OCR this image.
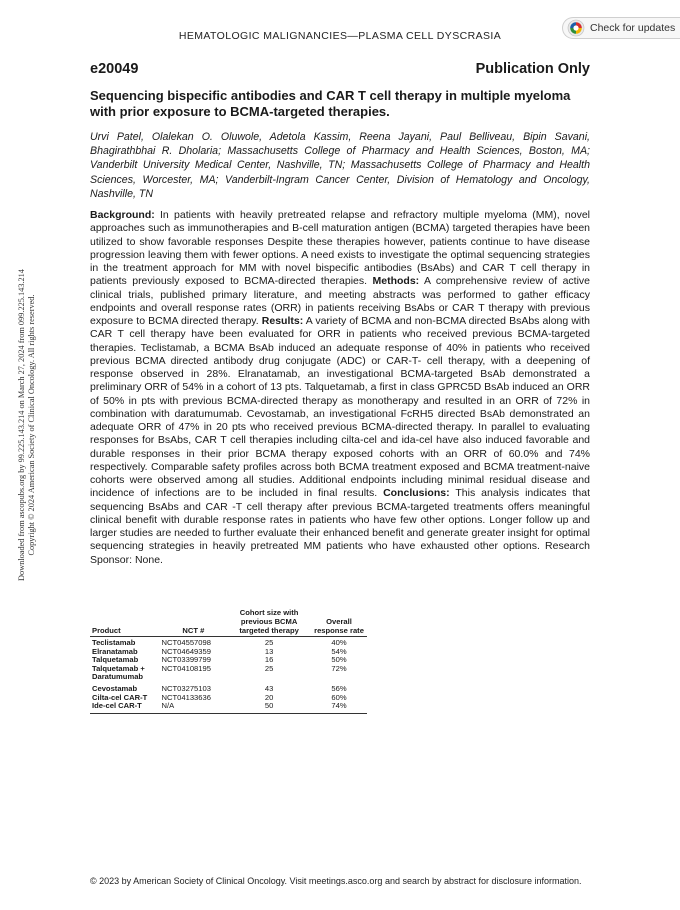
HEMATOLOGIC MALIGNANCIES—PLASMA CELL DYSCRASIA
Check for updates
e20049	Publication Only
Sequencing bispecific antibodies and CAR T cell therapy in multiple myeloma with prior exposure to BCMA-targeted therapies.

Urvi Patel, Olalekan O. Oluwole, Adetola Kassim, Reena Jayani, Paul Belliveau, Bipin Savani, Bhagirathbhai R. Dholaria; Massachusetts College of Pharmacy and Health Sciences, Boston, MA; Vanderbilt University Medical Center, Nashville, TN; Massachusetts College of Pharmacy and Health Sciences, Worcester, MA; Vanderbilt-Ingram Cancer Center, Division of Hematology and Oncology, Nashville, TN

Background: In patients with heavily pretreated relapse and refractory multiple myeloma (MM), novel approaches such as immunotherapies and B-cell maturation antigen (BCMA) targeted therapies have been utilized to show favorable responses Despite these therapies however, patients continue to have disease progression leaving them with fewer options. A need exists to investigate the optimal sequencing strategies in the treatment approach for MM with novel bispecific antibodies (BsAbs) and CAR T cell therapy in patients previously exposed to BCMA-directed therapies. Methods: A comprehensive review of active clinical trials, published primary literature, and meeting abstracts was performed to gather efficacy endpoints and overall response rates (ORR) in patients receiving BsAbs or CAR T therapy with previous exposure to BCMA directed therapy. Results: A variety of BCMA and non-BCMA directed BsAbs along with CAR T cell therapy have been evaluated for ORR in patients who received previous BCMA-targeted therapies. Teclistamab, a BCMA BsAb induced an adequate response of 40% in patients who received previous BCMA directed antibody drug conjugate (ADC) or CAR-T- cell therapy, with a deepening of response observed in 28%. Elranatamab, an investigational BCMA-targeted BsAb demonstrated a preliminary ORR of 54% in a cohort of 13 pts. Talquetamab, a first in class GPRC5D BsAb induced an ORR of 50% in pts with previous BCMA-directed therapy as monotherapy and resulted in an ORR of 72% in combination with daratumumab. Cevostamab, an investigational FcRH5 directed BsAb demonstrated an adequate ORR of 47% in 20 pts who received previous BCMA-directed therapy. In parallel to evaluating responses for BsAbs, CAR T cell therapies including cilta-cel and ida-cel have also induced favorable and durable responses in their prior BCMA therapy exposed cohorts with an ORR of 60.0% and 74% respectively. Comparable safety profiles across both BCMA treatment exposed and BCMA treatment-naive cohorts were observed among all studies. Additional endpoints including minimal residual disease and incidence of infections are to be included in final results. Conclusions: This analysis indicates that sequencing BsAbs and CAR -T cell therapy after previous BCMA-targeted treatments offers meaningful clinical benefit with durable response rates in patients who have few other options. Longer follow up and larger studies are needed to further evaluate their enhanced benefit and generate greater insight for optimal sequencing strategies in heavily pretreated MM patients who have exhausted other options. Research Sponsor: None.

Downloaded from ascopubs.org by 99.225.143.214 on March 27, 2024 from 099.225.143.214 Copyright © 2024 American Society of Clinical Oncology. All rights reserved.
Product	NCT #	Cohort size with previous BCMA targeted therapy	Overall response rate
Teclistamab	NCT04557098	25	40%
Elranatamab	NCT04649359	13	54%
Talquetamab	NCT03399799	16	50%
Talquetamab + Daratumumab	NCT04108195	25	72%

Cevostamab	NCT03275103	43	56%
Cilta-cel CAR-T	NCT04133636	20	60%
Ide-cel CAR-T	N/A	50	74%
© 2023 by American Society of Clinical Oncology. Visit meetings.asco.org and search by abstract for disclosure information.
